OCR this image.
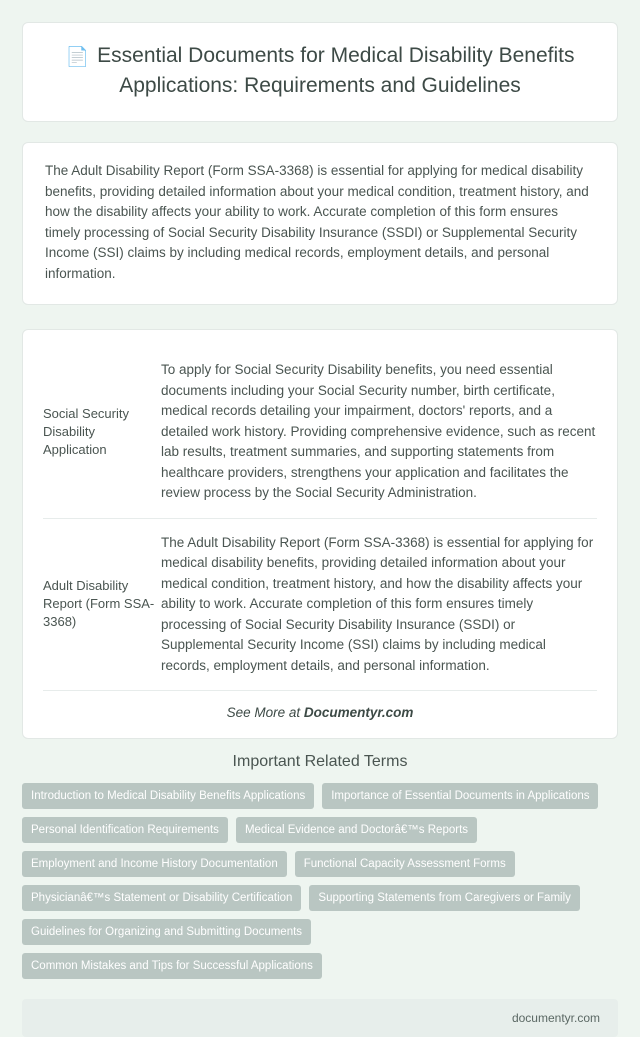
📄 Essential Documents for Medical Disability Benefits Applications: Requirements and Guidelines
The Adult Disability Report (Form SSA-3368) is essential for applying for medical disability benefits, providing detailed information about your medical condition, treatment history, and how the disability affects your ability to work. Accurate completion of this form ensures timely processing of Social Security Disability Insurance (SSDI) or Supplemental Security Income (SSI) claims by including medical records, employment details, and personal information.
Social Security Disability Application	To apply for Social Security Disability benefits, you need essential documents including your Social Security number, birth certificate, medical records detailing your impairment, doctors' reports, and a detailed work history. Providing comprehensive evidence, such as recent lab results, treatment summaries, and supporting statements from healthcare providers, strengthens your application and facilitates the review process by the Social Security Administration.
Adult Disability Report (Form SSA-3368)	The Adult Disability Report (Form SSA-3368) is essential for applying for medical disability benefits, providing detailed information about your medical condition, treatment history, and how the disability affects your ability to work. Accurate completion of this form ensures timely processing of Social Security Disability Insurance (SSDI) or Supplemental Security Income (SSI) claims by including medical records, employment details, and personal information.
See More at Documentyr.com
Important Related Terms
Introduction to Medical Disability Benefits Applications	Importance of Essential Documents in Applications
Personal Identification Requirements	Medical Evidence and Doctorâ€™s Reports
Employment and Income History Documentation	Functional Capacity Assessment Forms
Physicianâ€™s Statement or Disability Certification	Supporting Statements from Caregivers or Family
Guidelines for Organizing and Submitting Documents
Common Mistakes and Tips for Successful Applications
documentyr.com
